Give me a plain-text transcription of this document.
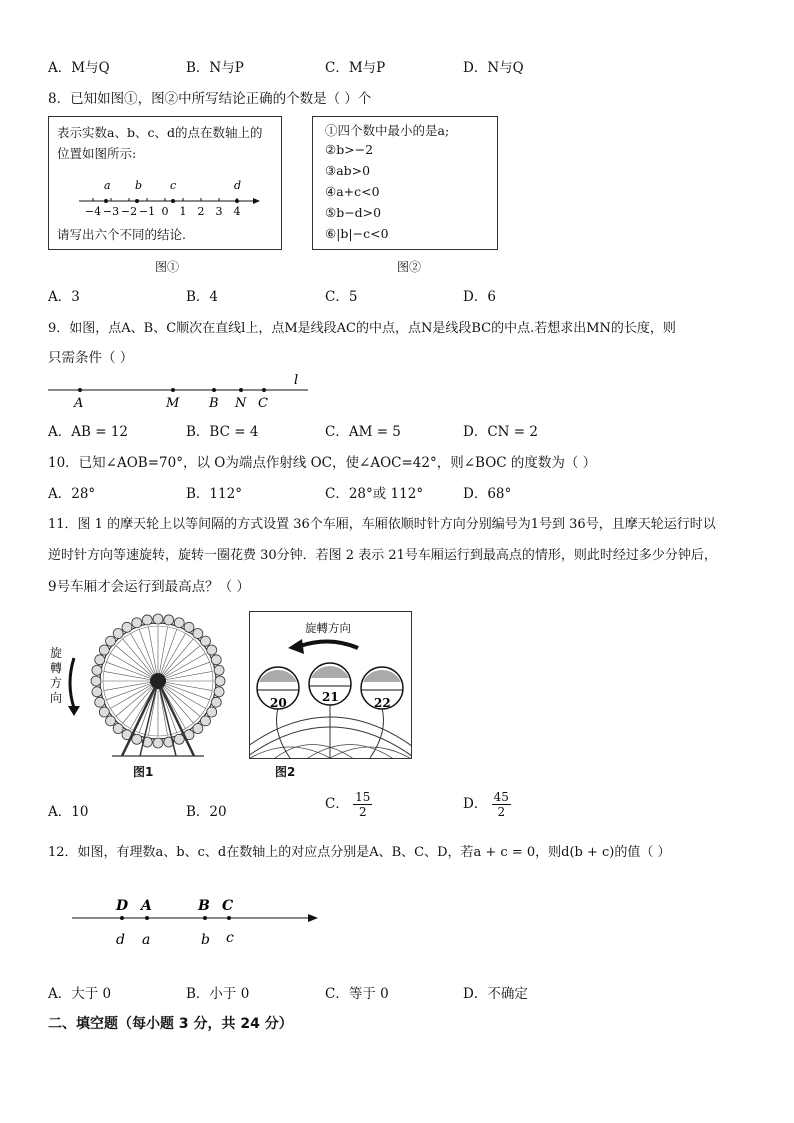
A．M与Q	B．N与P	C．M与P	D．N与Q
8．已知如图①，图②中所写结论正确的个数是（ ）个
表示实数a、b、c、d的点在数轴上的
位置如图所示:
−4 −3 −2 −1 0 1 2 3 4
a b	c	d
请写出六个不同的结论.
图①
①四个数中最小的是a;
②b>−2
③ab>0
④a+c<0
⑤b−d>0
⑥|b|−c<0
图②
A．3	B．4	C．5	D．6
9．如图，点A、B、C顺次在直线l上，点M是线段AC的中点，点N是线段BC的中点.若想求出MN的长度，则
只需条件（ ）
l
A	M B N C
A．AB = 12	B．BC = 4	C．AM = 5	D．CN = 2
10．已知∠AOB=70°，以 O为端点作射线 OC，使∠AOC=42°，则∠BOC 的度数为（ ）
A．28°	B．112°	C．28°或 112°	D．68°
11．图 1 的摩天轮上以等间隔的方式设置 36个车厢，车厢依顺时针方向分别编号为1号到 36号，且摩天轮运行时以
逆时针方向等速旋转，旋转一圈花费 30分钟．若图 2 表示 21号车厢运行到最高点的情形，则此时经过多少分钟后，
9号车厢才会运行到最高点？（ ）
旋
轉
方
向
图1
旋轉方向
20	21	22
图2
A．10	B．20	C． $\frac{15}{2}$	D． $\frac{45}{2}$
12．如图，有理数a、b、c、d在数轴上的对应点分别是A、B、C、D，若a + c = 0，则d(b + c)的值（ ）
D A	B C
d a	b c
A．大于 0	B．小于 0	C．等于 0	D．不确定
二、填空题（每小题 3 分，共 24 分）
